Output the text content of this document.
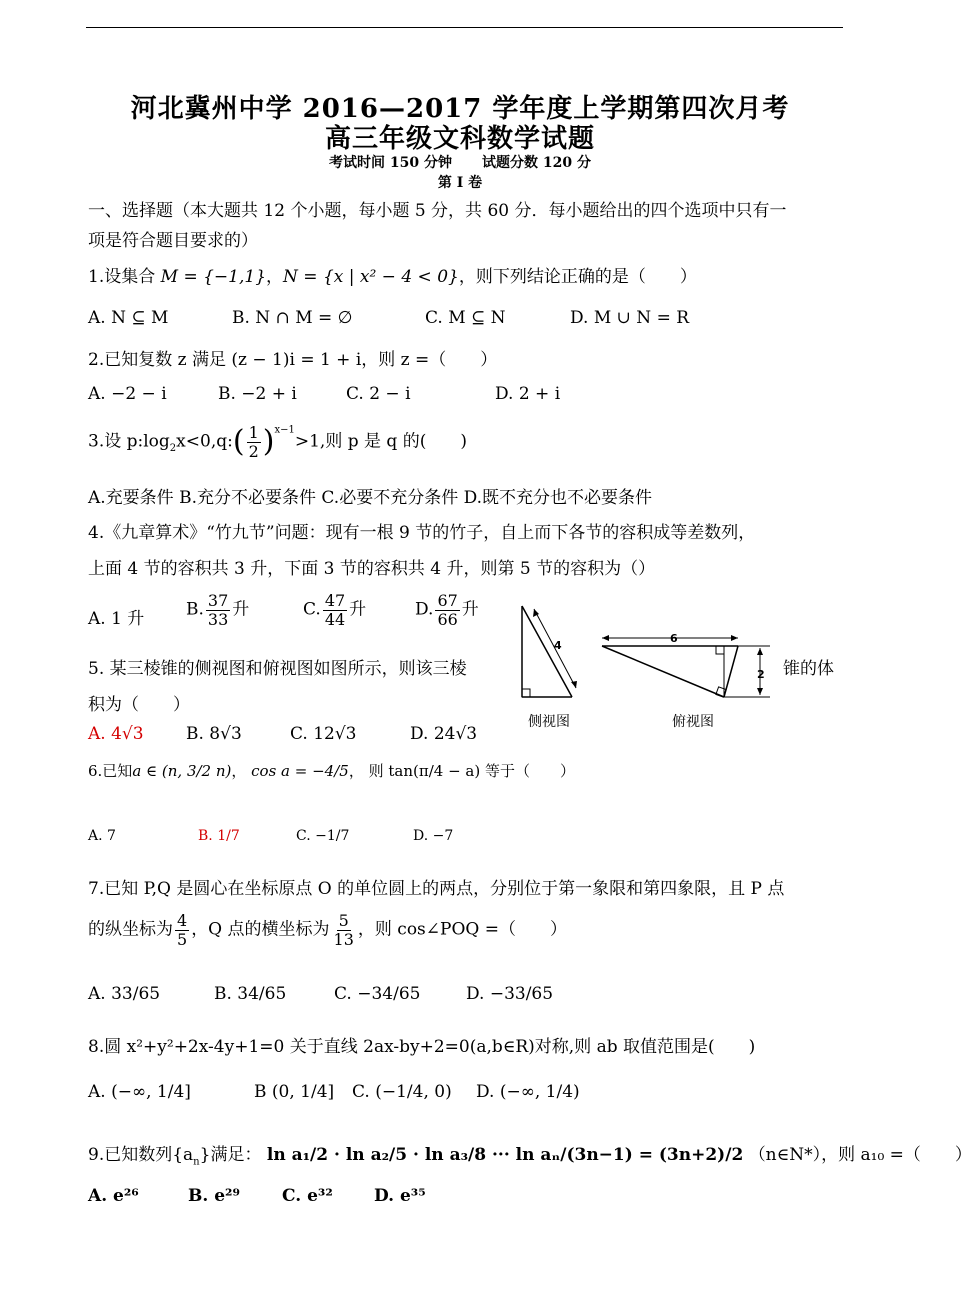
河北冀州中学 2016—2017 学年度上学期第四次月考
高三年级文科数学试题
考试时间 150 分钟 试题分数 120 分
第 I 卷
一、选择题（本大题共 12 个小题，每小题 5 分，共 60 分．每小题给出的四个选项中只有一
项是符合题目要求的）
1.设集合 M = {−1,1}，N = {x | x² − 4 < 0}，则下列结论正确的是（　　）
A. N ⊆ M	B. N ∩ M = ∅	C. M ⊆ N	D. M ∪ N = R
2.已知复数 z 满足 (z − 1)i = 1 + i，则 z =（　　）
A. −2 − i	B. −2 + i	C. 2 − i	D. 2 + i
3.设 $p:\log_2x<0,q:( \frac{1}{2} )^{x-1}>1$,则 p 是 q 的(　　)
A.充要条件 B.充分不必要条件 C.必要不充分条件 D.既不充分也不必要条件
4.《九章算术》“竹九节”问题：现有一根 9 节的竹子，自上而下各节的容积成等差数列，
上面 4 节的容积共 3 升，下面 3 节的容积共 4 升，则第 5 节的容积为（）
A. 1 升 B. $\frac{37}{33}$ 升	C. $\frac{47}{44}$ 升	D. $\frac{67}{66}$ 升
5. 某三棱锥的侧视图和俯视图如图所示，则该三棱	锥的体
积为（　　）
A. 4√3 B. 8√3	C. 12√3	D. 24√3
4
侧视图
6
2
俯视图
6.已知a ∈ (n, 3/2 n)， cos a = −4/5， 则 tan(π/4 − a) 等于（　　）
A. 7	B. 1/7	C. −1/7	D. −7
7.已知 P,Q 是圆心在坐标原点 O 的单位圆上的两点，分别位于第一象限和第四象限，且 P 点
的纵坐标为 $\frac{4}{5}$ ，Q 点的横坐标为 $\frac{5}{13}$ ，则 cos∠POQ =（　　）
A. 33/65	B. 34/65	C. −34/65	D. −33/65
8.圆 x²+y²+2x-4y+1=0 关于直线 2ax-by+2=0(a,b∈R)对称,则 ab 取值范围是(　　)
A. (−∞, 1/4]	B (0, 1/4] C. (−1/4, 0) D. (−∞, 1/4)
9.已知数列$\{a_n\}$满足： ln a₁/2 · ln a₂/5 · ln a₃/8 ··· ln aₙ/(3n−1) = (3n+2)/2 （n∈N*），则 a₁₀ =（　　）
A. e²⁶	B. e²⁹ C. e³² D. e³⁵
